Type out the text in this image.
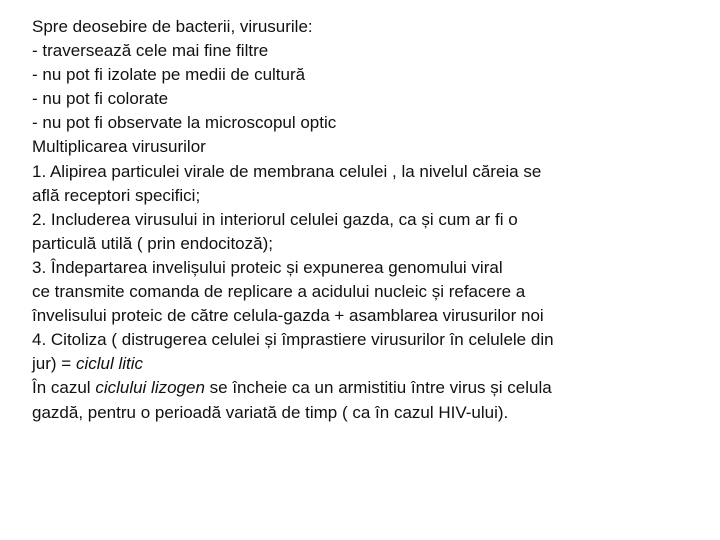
Spre deosebire de bacterii, virusurile:
- traversează cele mai fine filtre
- nu pot fi izolate pe medii de cultură
- nu pot fi colorate
- nu pot fi observate la microscopul optic
Multiplicarea virusurilor
1. Alipirea particulei virale de membrana celulei , la nivelul căreia se
află receptori specifici;
2. Includerea virusului in interiorul celulei gazda, ca și cum ar fi o
particulă utilă ( prin endocitoză);
3. Îndepartarea invelișului proteic și expunerea genomului viral
ce transmite comanda de replicare a acidului nucleic și refacere a
învelisului proteic de către celula-gazda + asamblarea virusurilor noi
4. Citoliza ( distrugerea celulei și împrastiere virusurilor în celulele din
jur) = ciclul litic
În cazul ciclului lizogen se încheie ca un armistitiu între virus și celula
gazdă, pentru o perioadă variată de timp ( ca în cazul HIV-ului).
